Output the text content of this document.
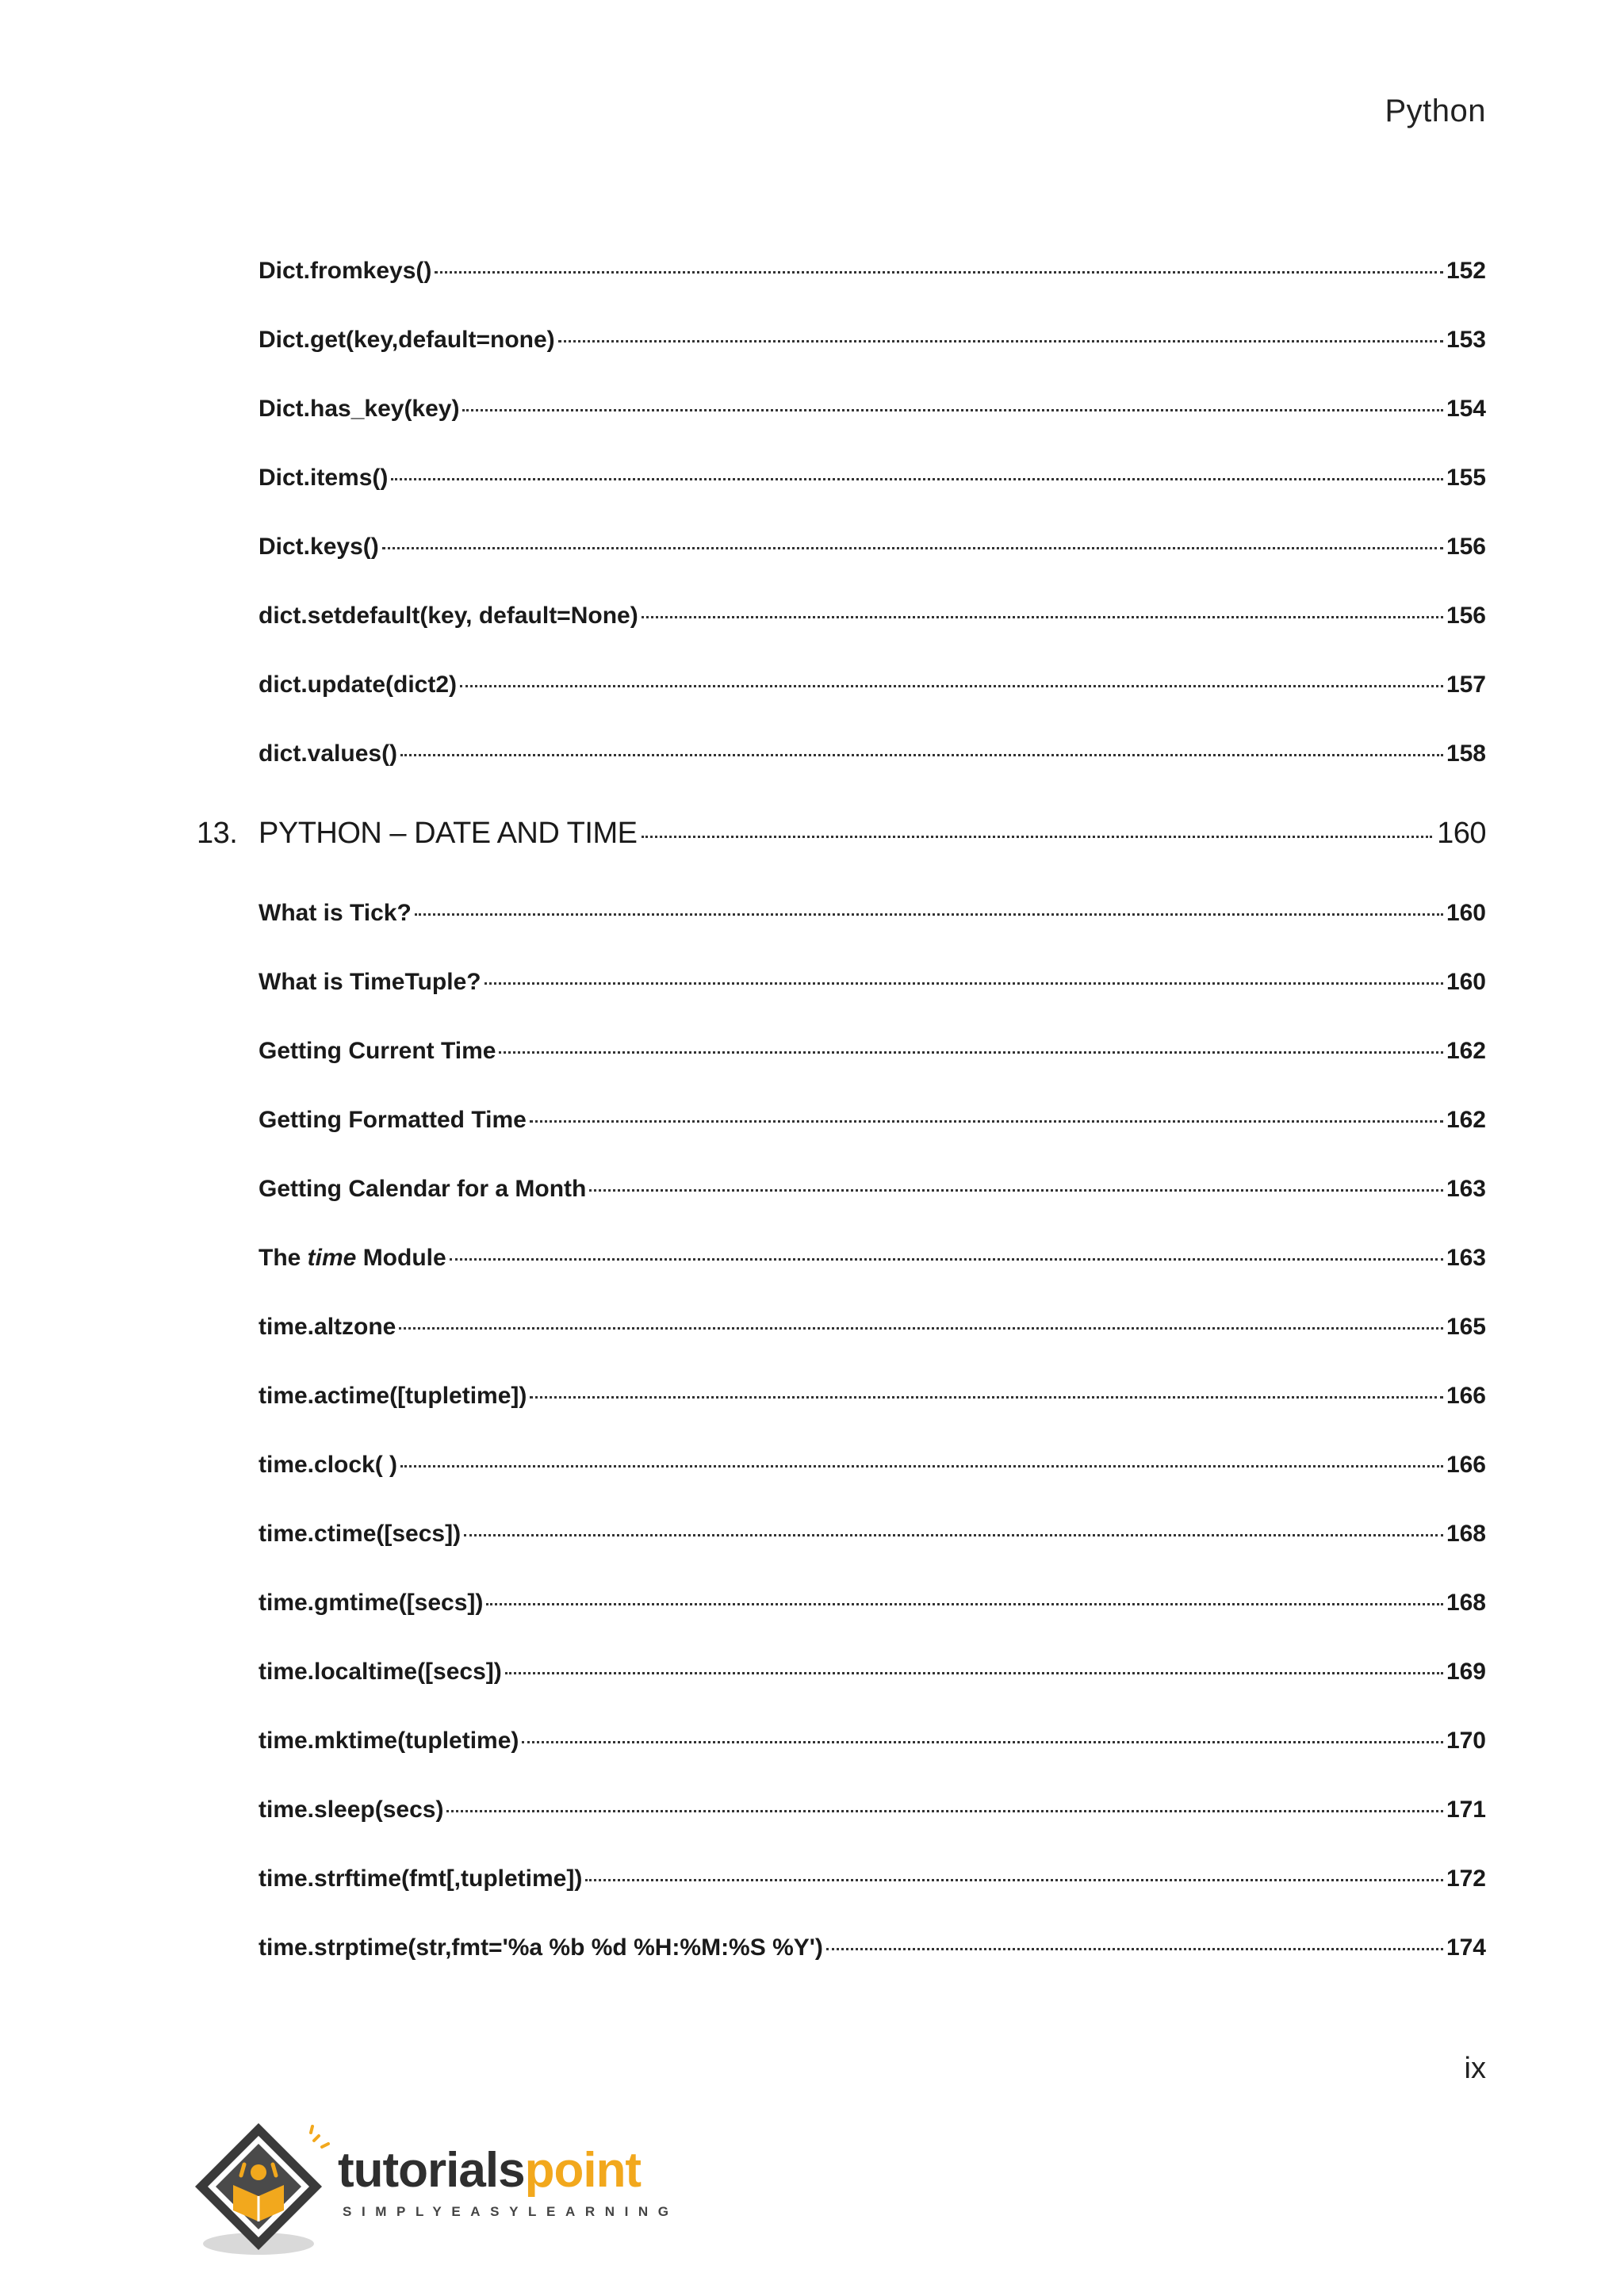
Python
Dict.fromkeys()	152
Dict.get(key,default=none)	153
Dict.has_key(key)	154
Dict.items()	155
Dict.keys()	156
dict.setdefault(key, default=None)	156
dict.update(dict2)	157
dict.values()	158
13. PYTHON – DATE AND TIME	160
What is Tick?	160
What is TimeTuple?	160
Getting Current Time	162
Getting Formatted Time	162
Getting Calendar for a Month	163
The time Module	163
time.altzone	165
time.actime([tupletime])	166
time.clock( )	166
time.ctime([secs])	168
time.gmtime([secs])	168
time.localtime([secs])	169
time.mktime(tupletime)	170
time.sleep(secs)	171
time.strftime(fmt[,tupletime])	172
time.strptime(str,fmt='%a %b %d %H:%M:%S %Y')	174
ix
tutorialspoint
SIMPLYEASYLEARNING
